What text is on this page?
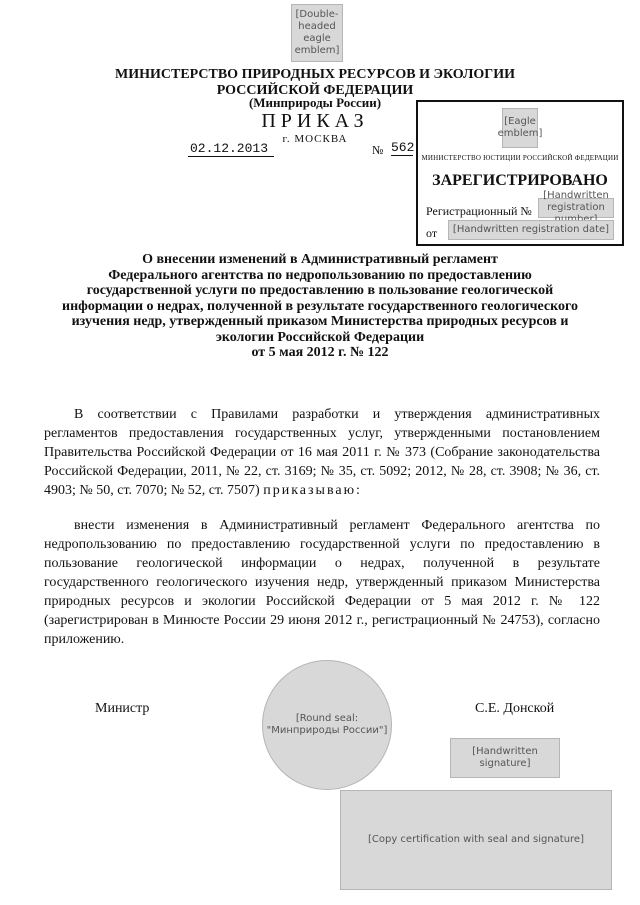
[Double-headed eagle emblem]
МИНИСТЕРСТВО ПРИРОДНЫХ РЕСУРСОВ И ЭКОЛОГИИ
РОССИЙСКОЙ ФЕДЕРАЦИИ
(Минприроды России)
ПРИКАЗ
г. МОСКВА
02.12.2013	№ 562
[Eagle emblem]
МИНИСТЕРСТВО ЮСТИЦИИ РОССИЙСКОЙ ФЕДЕРАЦИИ
ЗАРЕГИСТРИРОВАНО
Регистрационный №
[Handwritten registration
от	[Handwritten registration date]
О внесении изменений в Административный регламент
Федерального агентства по недропользованию по предоставлению
государственной услуги по предоставлению в пользование геологической
информации о недрах, полученной в результате государственного геологического
изучения недр, утвержденный приказом Министерства природных ресурсов и
экологии Российской Федерации
от 5 мая 2012 г. № 122
В соответствии с Правилами разработки и утверждения административных регламентов предоставления государственных услуг, утвержденными постановлением Правительства Российской Федерации от 16 мая 2011 г. № 373 (Собрание законодательства Российской Федерации, 2011, № 22, ст. 3169; № 35, ст. 5092; 2012, № 28, ст. 3908; № 36, ст. 4903; № 50, ст. 7070; № 52, ст. 7507) приказываю:
внести изменения в Административный регламент Федерального агентства по недропользованию по предоставлению государственной услуги по предоставлению в пользование геологической информации о недрах, полученной в результате государственного геологического изучения недр, утвержденный приказом Министерства природных ресурсов и экологии Российской Федерации от 5 мая 2012 г. № 122 (зарегистрирован в Минюсте России 29 июня 2012 г., регистрационный № 24753), согласно приложению.
Министр	С.Е. Донской
[Round seal: "Минприроды России"]
[Handwritten signature]
[Copy certification with seal and signature]
